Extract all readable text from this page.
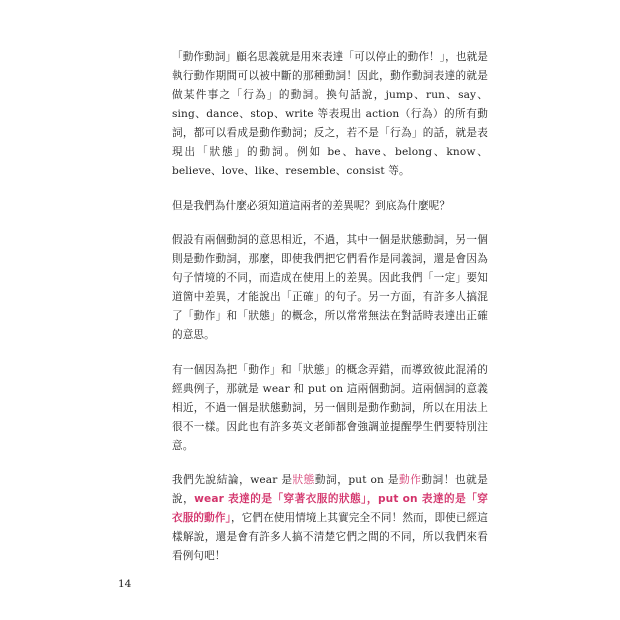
「動作動詞」顧名思義就是用來表達「可以停止的動作！」，也就是執行動作期間可以被中斷的那種動詞！因此，動作動詞表達的就是做某件事之「行為」的動詞。換句話說，jump、run、say、sing、dance、stop、write 等表現出 action（行為）的所有動詞，都可以看成是動作動詞；反之，若不是「行為」的話，就是表現出「狀態」的動詞。例如 be、have、belong、know、believe、love、like、resemble、consist 等。

但是我們為什麼必須知道這兩者的差異呢？到底為什麼呢？

假設有兩個動詞的意思相近，不過，其中一個是狀態動詞，另一個則是動作動詞，那麼，即使我們把它們看作是同義詞，還是會因為句子情境的不同，而造成在使用上的差異。因此我們「一定」要知道箇中差異，才能說出「正確」的句子。另一方面，有許多人搞混了「動作」和「狀態」的概念，所以常常無法在對話時表達出正確的意思。

有一個因為把「動作」和「狀態」的概念弄錯，而導致彼此混淆的經典例子，那就是 wear 和 put on 這兩個動詞。這兩個詞的意義相近，不過一個是狀態動詞，另一個則是動作動詞，所以在用法上很不一樣。因此也有許多英文老師都會強調並提醒學生們要特別注意。

我們先說結論，wear 是狀態動詞，put on 是動作動詞！也就是說，wear 表達的是「穿著衣服的狀態」，put on 表達的是「穿衣服的動作」，它們在使用情境上其實完全不同！然而，即使已經這樣解說，還是會有許多人搞不清楚它們之間的不同，所以我們來看看例句吧！

14
